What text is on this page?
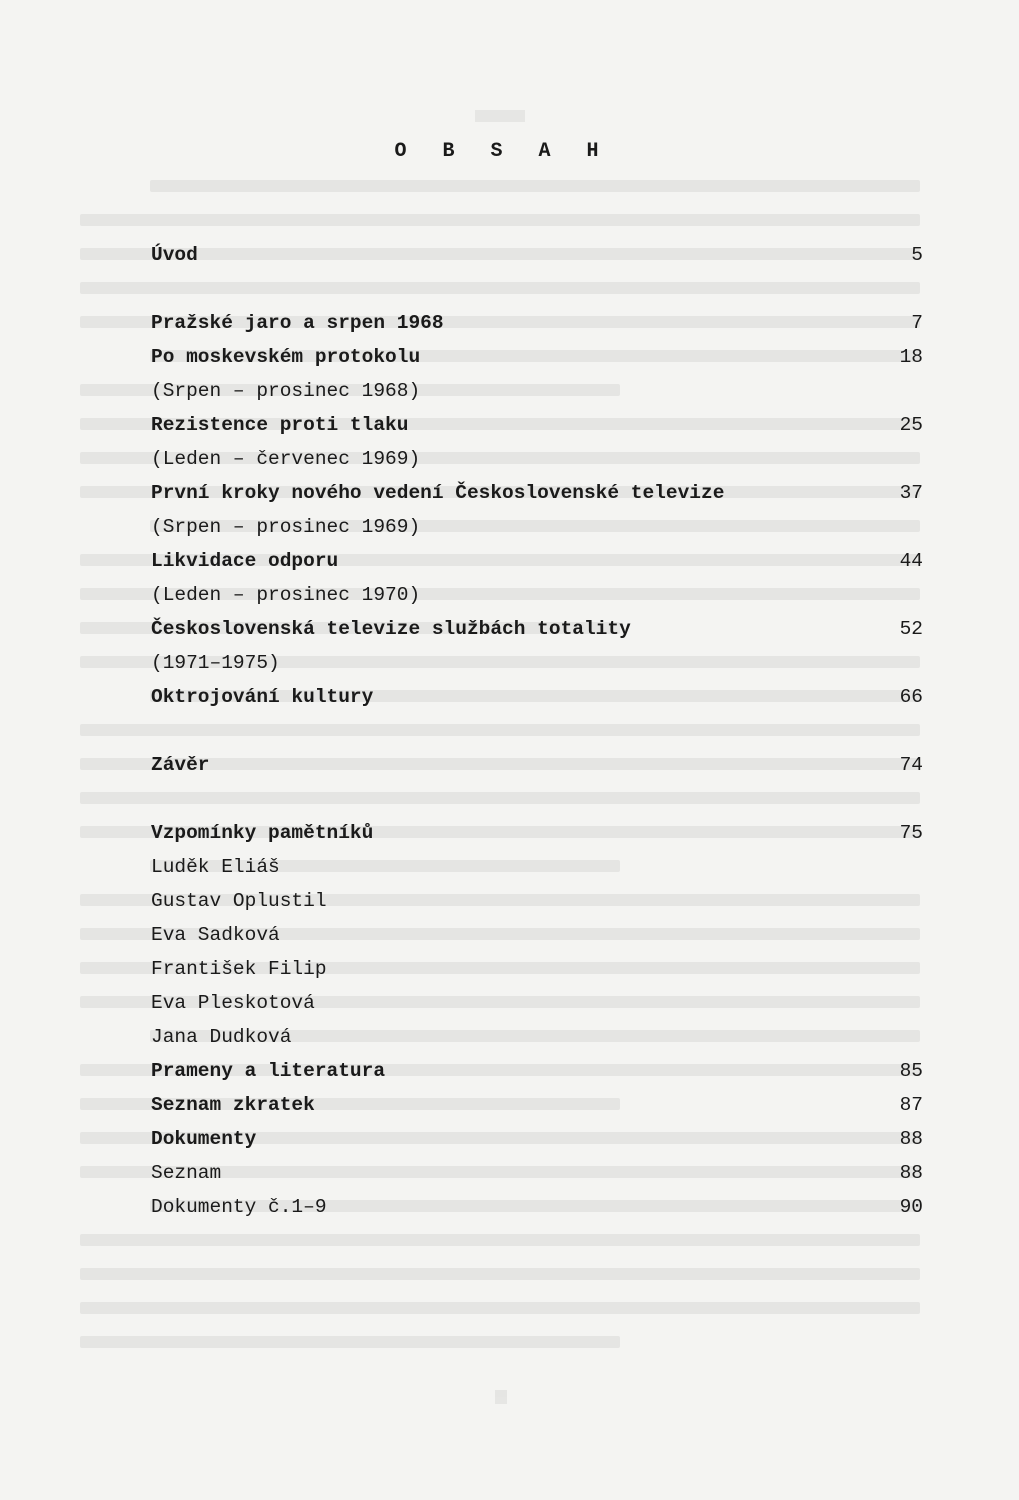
O B S A H
Úvod	5
Pražské jaro a srpen 1968	7
Po moskevském protokolu	18
(Srpen – prosinec 1968)
Rezistence proti tlaku	25
(Leden – červenec 1969)
První kroky nového vedení Československé televize	37
(Srpen – prosinec 1969)
Likvidace odporu	44
(Leden – prosinec 1970)
Československá televize službách totality	52
(1971–1975)
Oktrojování kultury	66
Závěr	74
Vzpomínky pamětníků	75
Luděk Eliáš
Gustav Oplustil
Eva Sadková
František Filip
Eva Pleskotová
Jana Dudková
Prameny a literatura	85
Seznam zkratek	87
Dokumenty	88
Seznam	88
Dokumenty č.1–9	90
